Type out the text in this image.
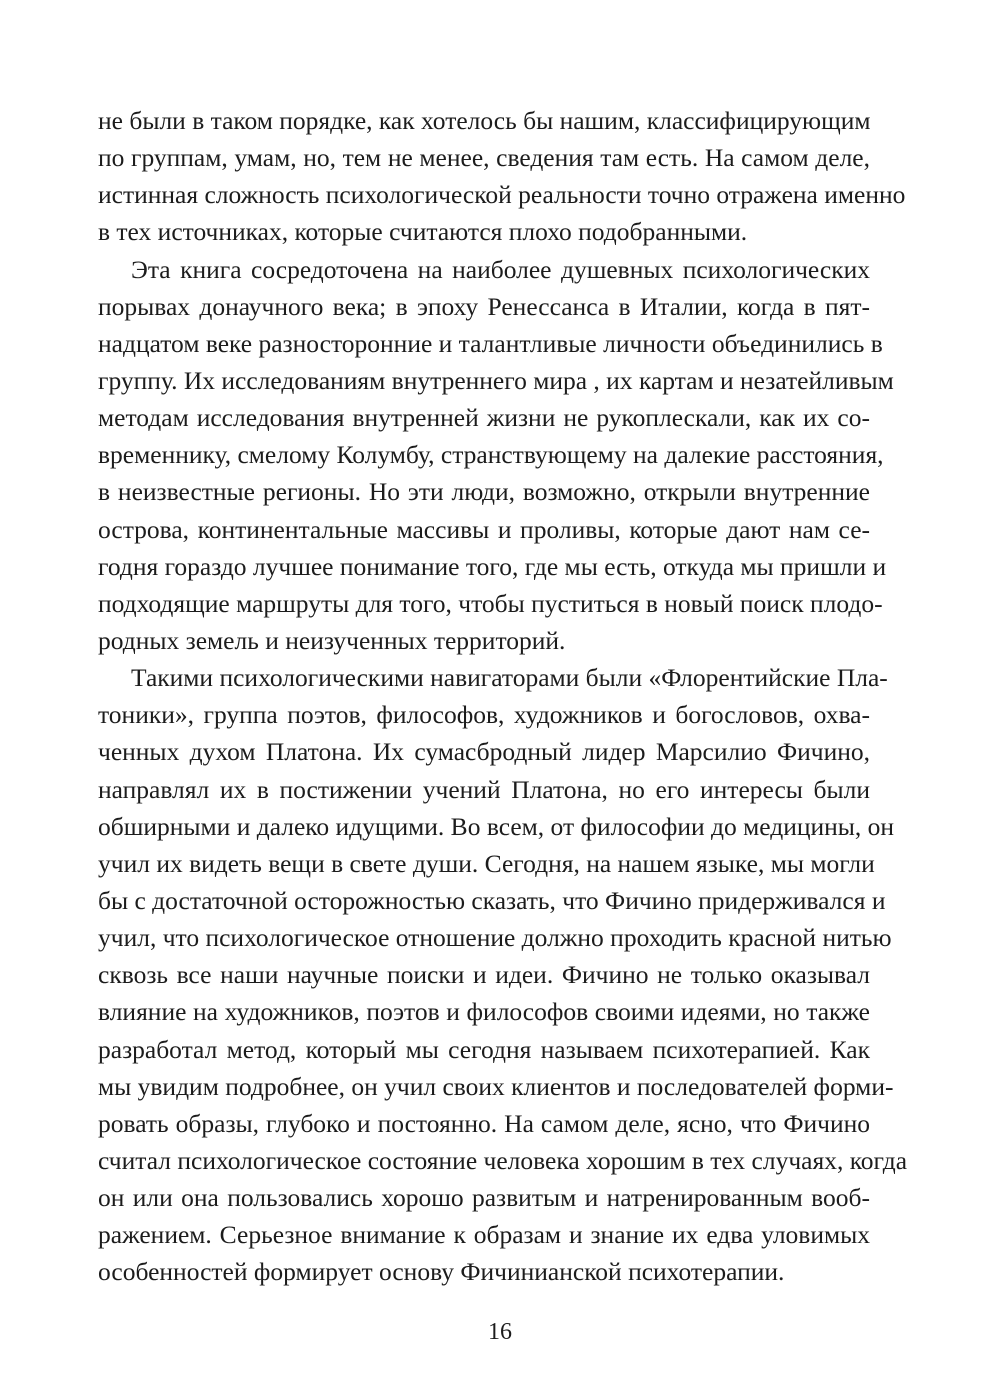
не были в таком порядке, как хотелось бы нашим, классифицирующим
по группам, умам, но, тем не менее, сведения там есть. На самом деле,
истинная сложность психологической реальности точно отражена именно
в тех источниках, которые считаются плохо подобранными.
Эта книга сосредоточена на наиболее душевных психологических
порывах донаучного века; в эпоху Ренессанса в Италии, когда в пят-
надцатом веке разносторонние и талантливые личности объединились в
группу. Их исследованиям внутреннего мира , их картам и незатейливым
методам исследования внутренней жизни не рукоплескали, как их со-
временнику, смелому Колумбу, странствующему на далекие расстояния,
в неизвестные регионы. Но эти люди, возможно, открыли внутренние
острова, континентальные массивы и проливы, которые дают нам се-
годня гораздо лучшее понимание того, где мы есть, откуда мы пришли и
подходящие маршруты для того, чтобы пуститься в новый поиск плодо-
родных земель и неизученных территорий.
Такими психологическими навигаторами были «Флорентийские Пла-
тоники», группа поэтов, философов, художников и богословов, охва-
ченных духом Платона. Их сумасбродный лидер Марсилио Фичино,
направлял их в постижении учений Платона, но его интересы были
обширными и далеко идущими. Во всем, от философии до медицины, он
учил их видеть вещи в свете души. Сегодня, на нашем языке, мы могли
бы с достаточной осторожностью сказать, что Фичино придерживался и
учил, что психологическое отношение должно проходить красной нитью
сквозь все наши научные поиски и идеи. Фичино не только оказывал
влияние на художников, поэтов и философов своими идеями, но также
разработал метод, который мы сегодня называем психотерапией. Как
мы увидим подробнее, он учил своих клиентов и последователей форми-
ровать образы, глубоко и постоянно. На самом деле, ясно, что Фичино
считал психологическое состояние человека хорошим в тех случаях, когда
он или она пользовались хорошо развитым и натренированным вооб-
ражением. Серьезное внимание к образам и знание их едва уловимых
особенностей формирует основу Фичинианской психотерапии.
16
